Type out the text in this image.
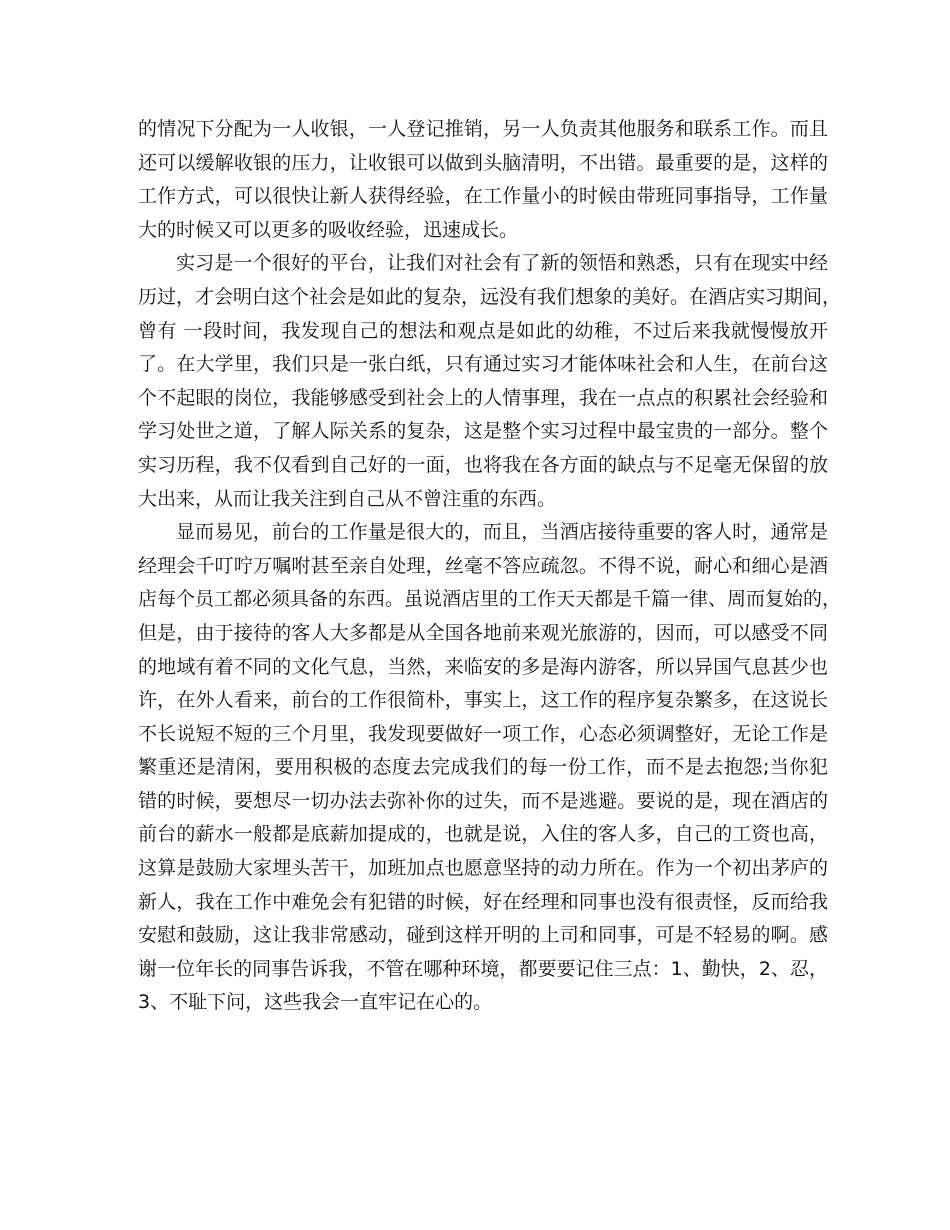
的情况下分配为一人收银，一人登记推销，另一人负责其他服务和联系工作。而且
还可以缓解收银的压力，让收银可以做到头脑清明，不出错。最重要的是，这样的
工作方式，可以很快让新人获得经验，在工作量小的时候由带班同事指导，工作量
大的时候又可以更多的吸收经验，迅速成长。
实习是一个很好的平台，让我们对社会有了新的领悟和熟悉，只有在现实中经
历过，才会明白这个社会是如此的复杂，远没有我们想象的美好。在酒店实习期间，
曾有 一段时间，我发现自己的想法和观点是如此的幼稚，不过后来我就慢慢放开
了。在大学里，我们只是一张白纸，只有通过实习才能体味社会和人生，在前台这
个不起眼的岗位，我能够感受到社会上的人情事理，我在一点点的积累社会经验和
学习处世之道，了解人际关系的复杂，这是整个实习过程中最宝贵的一部分。整个
实习历程，我不仅看到自己好的一面，也将我在各方面的缺点与不足毫无保留的放
大出来，从而让我关注到自己从不曾注重的东西。
显而易见，前台的工作量是很大的，而且，当酒店接待重要的客人时，通常是
经理会千叮咛万嘱咐甚至亲自处理，丝毫不答应疏忽。不得不说，耐心和细心是酒
店每个员工都必须具备的东西。虽说酒店里的工作天天都是千篇一律、周而复始的，
但是，由于接待的客人大多都是从全国各地前来观光旅游的，因而，可以感受不同
的地域有着不同的文化气息，当然，来临安的多是海内游客，所以异国气息甚少也
许，在外人看来，前台的工作很简朴，事实上，这工作的程序复杂繁多，在这说长
不长说短不短的三个月里，我发现要做好一项工作，心态必须调整好，无论工作是
繁重还是清闲，要用积极的态度去完成我们的每一份工作，而不是去抱怨;当你犯
错的时候，要想尽一切办法去弥补你的过失，而不是逃避。要说的是，现在酒店的
前台的薪水一般都是底薪加提成的，也就是说，入住的客人多，自己的工资也高，
这算是鼓励大家埋头苦干，加班加点也愿意坚持的动力所在。作为一个初出茅庐的
新人，我在工作中难免会有犯错的时候，好在经理和同事也没有很责怪，反而给我
安慰和鼓励，这让我非常感动，碰到这样开明的上司和同事，可是不轻易的啊。感
谢一位年长的同事告诉我，不管在哪种环境，都要要记住三点：1、勤快，2、忍，
3、不耻下问，这些我会一直牢记在心的。
